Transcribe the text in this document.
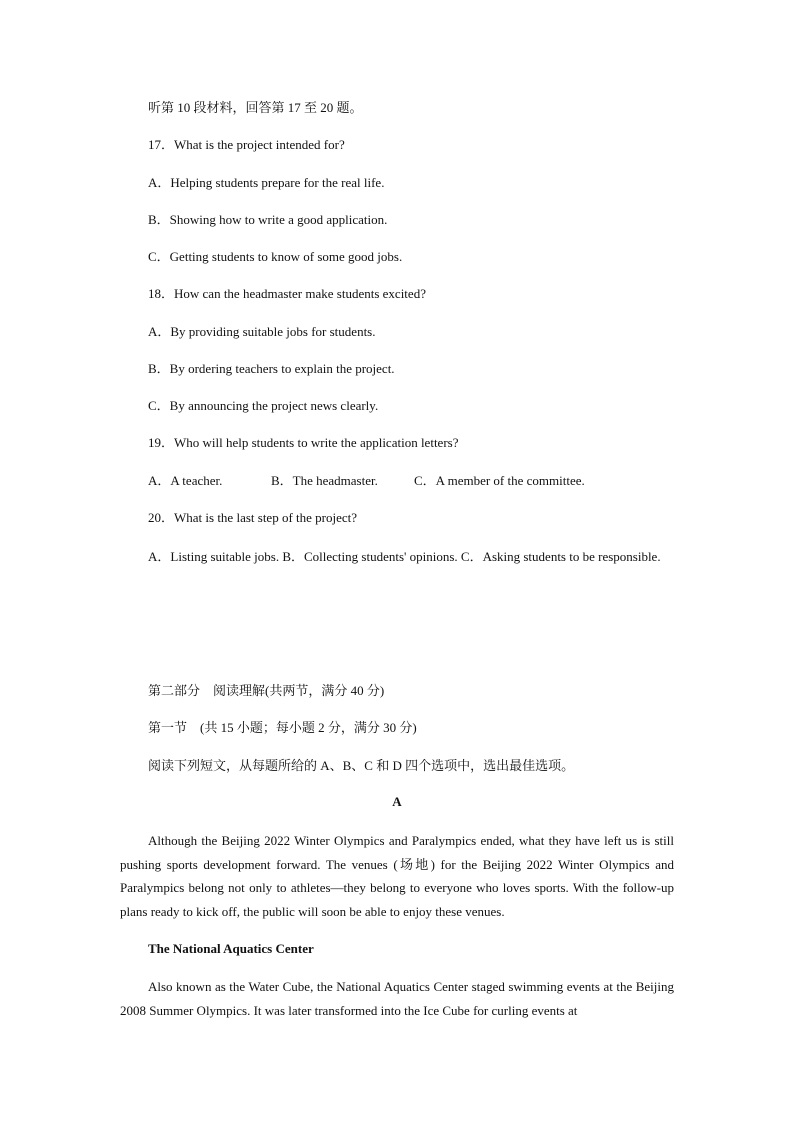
听第 10 段材料，回答第 17 至 20 题。
17．What is the project intended for?
A．Helping students prepare for the real life.
B．Showing how to write a good application.
C．Getting students to know of some good jobs.
18．How can the headmaster make students excited?
A．By providing suitable jobs for students.
B．By ordering teachers to explain the project.
C．By announcing the project news clearly.
19．Who will help students to write the application letters?
A．A teacher.	B．The headmaster.	C．A member of the committee.
20．What is the last step of the project?
A．Listing suitable jobs. B．Collecting students' opinions. C．Asking students to be responsible.
第二部分　阅读理解(共两节，满分 40 分)
第一节　(共 15 小题；每小题 2 分，满分 30 分)
阅读下列短文，从每题所给的 A、B、C 和 D 四个选项中，选出最佳选项。
A
Although the Beijing 2022 Winter Olympics and Paralympics ended, what they have left us is still pushing sports development forward. The venues (场地) for the Beijing 2022 Winter Olympics and Paralympics belong not only to athletes—they belong to everyone who loves sports. With the follow-up plans ready to kick off, the public will soon be able to enjoy these venues.
The National Aquatics Center
Also known as the Water Cube, the National Aquatics Center staged swimming events at the Beijing 2008 Summer Olympics. It was later transformed into the Ice Cube for curling events at
